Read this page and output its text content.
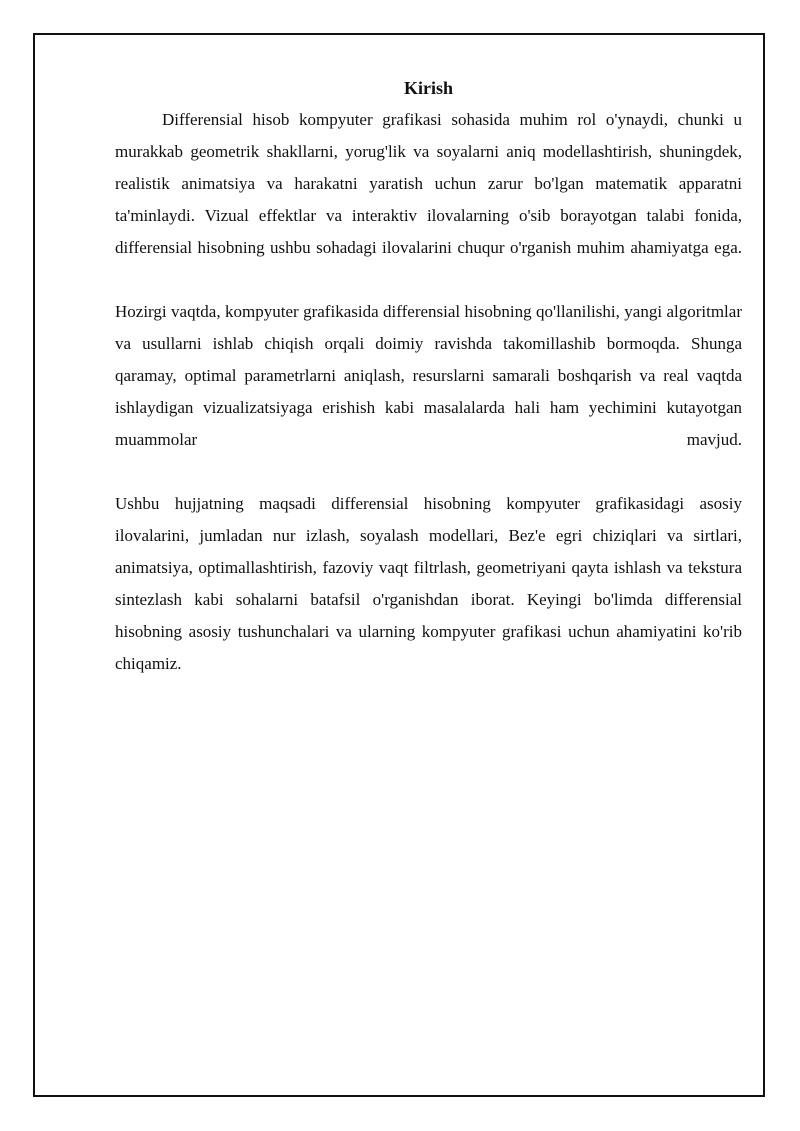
Kirish

Differensial hisob kompyuter grafikasi sohasida muhim rol o'ynaydi, chunki u murakkab geometrik shakllarni, yorug'lik va soyalarni aniq modellashtirish, shuningdek, realistik animatsiya va harakatni yaratish uchun zarur bo'lgan matematik apparatni ta'minlaydi. Vizual effektlar va interaktiv ilovalarning o'sib borayotgan talabi fonida, differensial hisobning ushbu sohadagi ilovalarini chuqur o'rganish muhim ahamiyatga ega.

Hozirgi vaqtda, kompyuter grafikasida differensial hisobning qo'llanilishi, yangi algoritmlar va usullarni ishlab chiqish orqali doimiy ravishda takomillashib bormoqda. Shunga qaramay, optimal parametrlarni aniqlash, resurslarni samarali boshqarish va real vaqtda ishlaydigan vizualizatsiyaga erishish kabi masalalarda hali ham yechimini kutayotgan muammolar mavjud.

Ushbu hujjatning maqsadi differensial hisobning kompyuter grafikasidagi asosiy ilovalarini, jumladan nur izlash, soyalash modellari, Bez'e egri chiziqlari va sirtlari, animatsiya, optimallashtirish, fazoviy vaqt filtrlash, geometriyani qayta ishlash va tekstura sintezlash kabi sohalarni batafsil o'rganishdan iborat. Keyingi bo'limda differensial hisobning asosiy tushunchalari va ularning kompyuter grafikasi uchun ahamiyatini ko'rib chiqamiz.
